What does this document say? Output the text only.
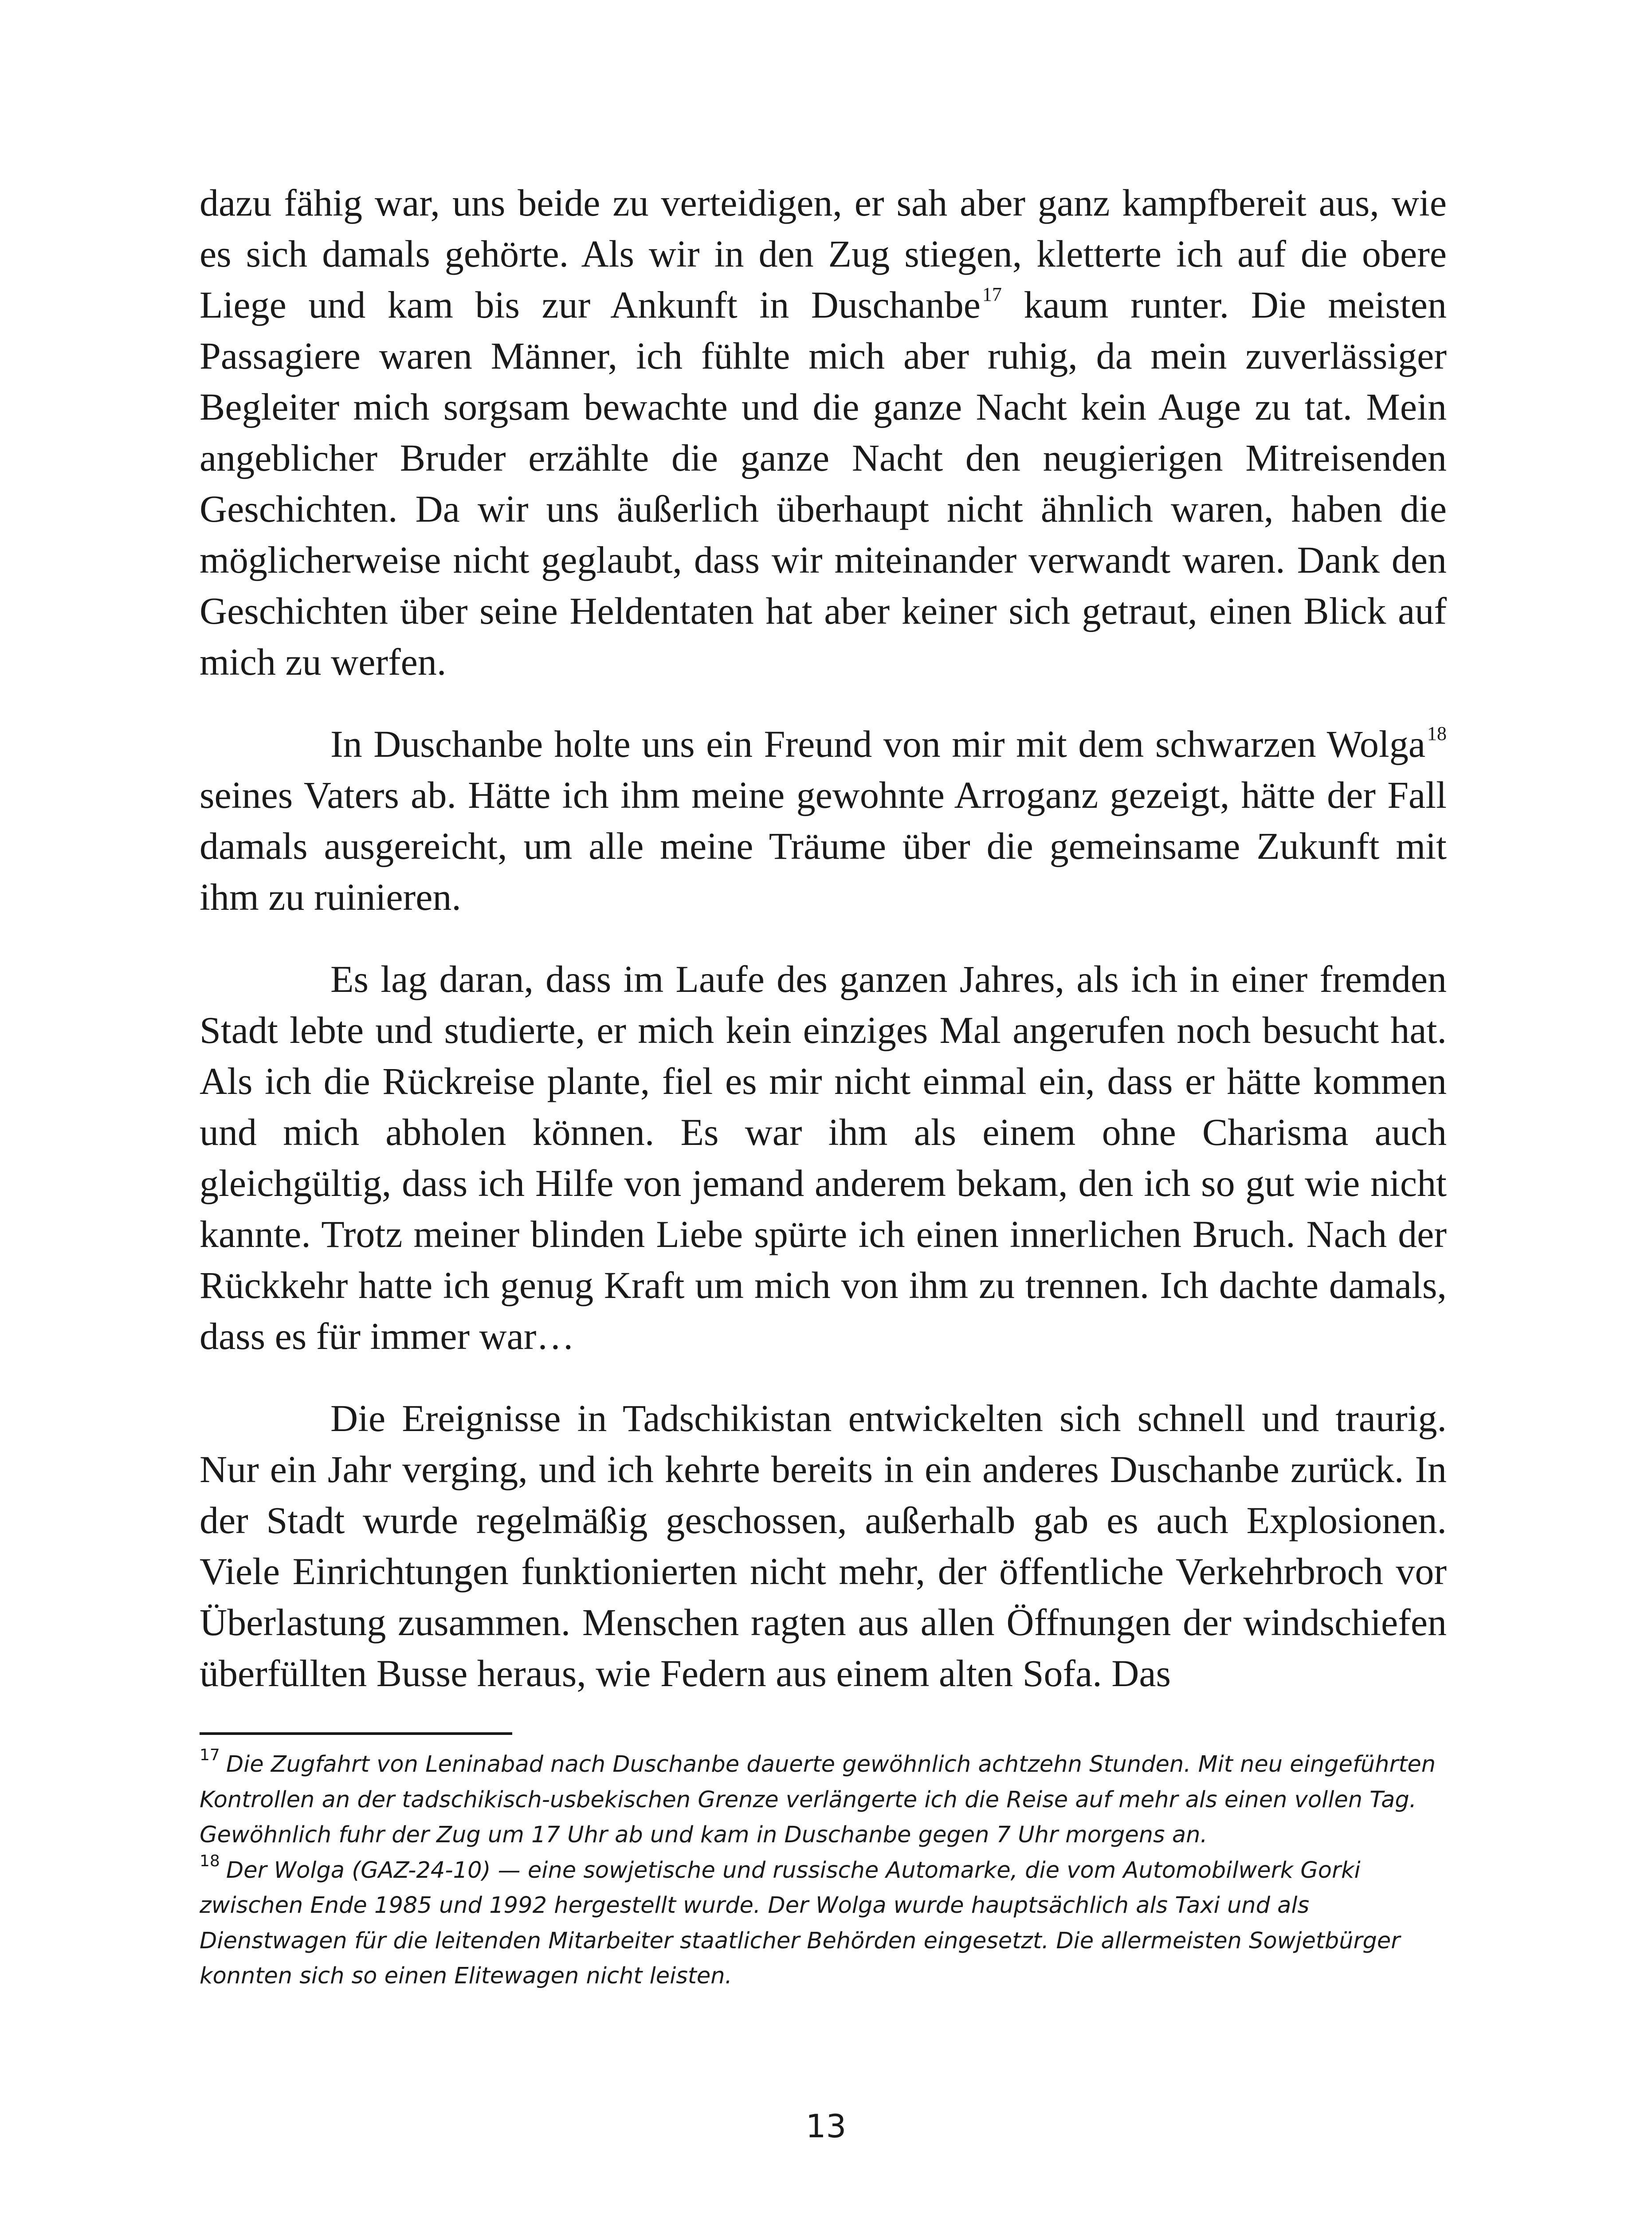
dazu fähig war, uns beide zu verteidigen, er sah aber ganz kampfbereit aus, wie es sich damals gehörte. Als wir in den Zug stiegen, kletterte ich auf die obere Liege und kam bis zur Ankunft in Duschanbe$^{17}$ kaum runter. Die meisten Passagiere waren Männer, ich fühlte mich aber ruhig, da mein zuverlässiger Begleiter mich sorgsam bewachte und die ganze Nacht kein Auge zu tat. Mein angeblicher Bruder erzählte die ganze Nacht den neugierigen Mitreisenden Geschichten. Da wir uns äußerlich überhaupt nicht ähnlich waren, haben die möglicherweise nicht geglaubt, dass wir miteinander verwandt waren. Dank den Geschichten über seine Heldentaten hat aber keiner sich getraut, einen Blick auf mich zu werfen.

In Duschanbe holte uns ein Freund von mir mit dem schwarzen Wolga$^{18}$ seines Vaters ab. Hätte ich ihm meine gewohnte Arroganz gezeigt, hätte der Fall damals ausgereicht, um alle meine Träume über die gemeinsame Zukunft mit ihm zu ruinieren.

Es lag daran, dass im Laufe des ganzen Jahres, als ich in einer fremden Stadt lebte und studierte, er mich kein einziges Mal angerufen noch besucht hat. Als ich die Rückreise plante, fiel es mir nicht einmal ein, dass er hätte kommen und mich abholen können. Es war ihm als einem ohne Charisma auch gleichgültig, dass ich Hilfe von jemand anderem bekam, den ich so gut wie nicht kannte. Trotz meiner blinden Liebe spürte ich einen innerlichen Bruch. Nach der Rückkehr hatte ich genug Kraft um mich von ihm zu trennen. Ich dachte damals, dass es für immer war…

Die Ereignisse in Tadschikistan entwickelten sich schnell und traurig. Nur ein Jahr verging, und ich kehrte bereits in ein anderes Duschanbe zurück. In der Stadt wurde regelmäßig geschossen, außerhalb gab es auch Explosionen. Viele Einrichtungen funktionierten nicht mehr, der öffentliche Verkehrbroch vor Überlastung zusammen. Menschen ragten aus allen Öffnungen der windschiefen überfüllten Busse heraus, wie Federn aus einem alten Sofa. Das

$^{17}$ Die Zugfahrt von Leninabad nach Duschanbe dauerte gewöhnlich achtzehn Stunden. Mit neu eingeführten Kontrollen an der tadschikisch-usbekischen Grenze verlängerte ich die Reise auf mehr als einen vollen Tag. Gewöhnlich fuhr der Zug um 17 Uhr ab und kam in Duschanbe gegen 7 Uhr morgens an.

$^{18}$ Der Wolga (GAZ-24-10) — eine sowjetische und russische Automarke, die vom Automobilwerk Gorki zwischen Ende 1985 und 1992 hergestellt wurde. Der Wolga wurde hauptsächlich als Taxi und als Dienstwagen für die leitenden Mitarbeiter staatlicher Behörden eingesetzt. Die allermeisten Sowjetbürger konnten sich so einen Elitewagen nicht leisten.

13
